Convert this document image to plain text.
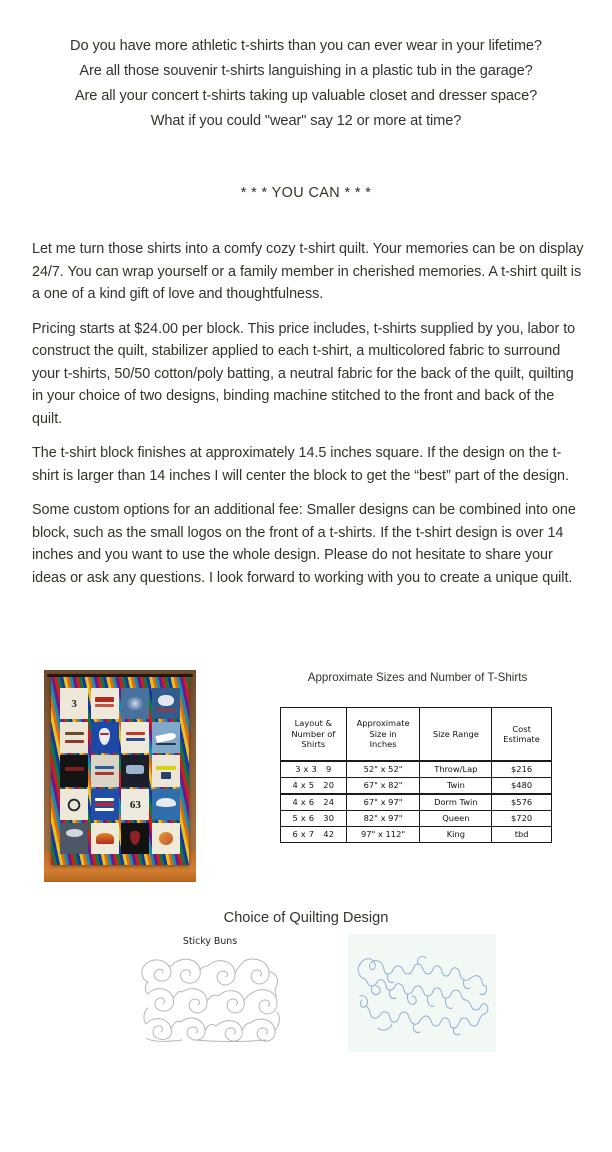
Do you have more athletic t-shirts than you can ever wear in your lifetime?
Are all those souvenir t-shirts languishing in a plastic tub in the garage?
Are all your concert t-shirts taking up valuable closet and dresser space?
What if you could "wear" say 12 or more at time?
* * * YOU CAN * * *

Let me turn those shirts into a comfy cozy t-shirt quilt. Your memories can be on display 24/7. You can wrap yourself or a family member in cherished memories. A t-shirt quilt is a one of a kind gift of love and thoughtfulness.

Pricing starts at $24.00 per block. This price includes, t-shirts supplied by you, labor to construct the quilt, stabilizer applied to each t-shirt, a multicolored fabric to surround your t-shirts, 50/50 cotton/poly batting, a neutral fabric for the back of the quilt, quilting in your choice of two designs, binding machine stitched to the front and back of the quilt.

The t-shirt block finishes at approximately 14.5 inches square. If the design on the t-shirt is larger than 14 inches I will center the block to get the “best” part of the design.

Some custom options for an additional fee: Smaller designs can be combined into one block, such as the small logos on the front of a t-shirts. If the t-shirt design is over 14 inches and you want to use the whole design. Please do not hesitate to share your ideas or ask any questions. I look forward to working with you to create a unique quilt.

3
63
Approximate Sizes and Number of T-Shirts
Layout &
Number of
Shirts

Approximate
Size in
Inches

Size Range

Cost
Estimate

3 x 3 9	52" x 52"	Throw/Lap	$216
4 x 5 20	67" x 82"	Twin	$480
4 x 6 24	67" x 97"	Dorm Twin	$576
5 x 6 30	82" x 97"	Queen	$720
6 x 7 42	97" x 112"	King	tbd
Choice of Quilting Design
Sticky Buns
